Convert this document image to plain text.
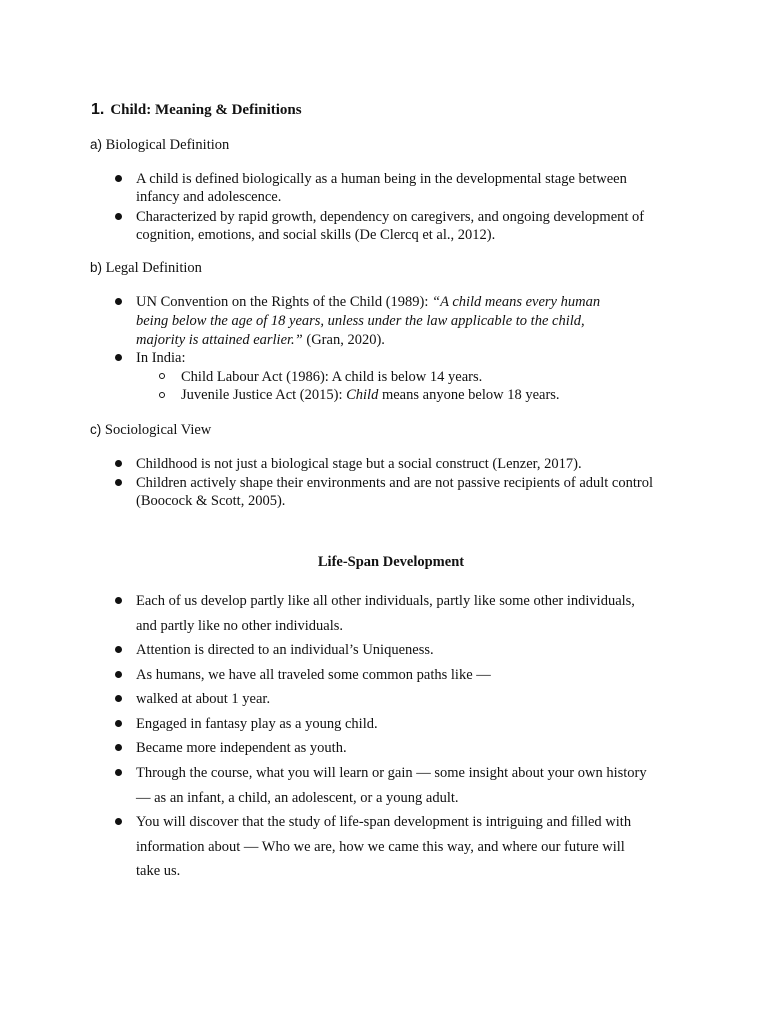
1. Child: Meaning & Definitions
a) Biological Definition
A child is defined biologically as a human being in the developmental stage between
infancy and adolescence.
Characterized by rapid growth, dependency on caregivers, and ongoing development of
cognition, emotions, and social skills (De Clercq et al., 2012).
b) Legal Definition
UN Convention on the Rights of the Child (1989): “A child means every human
being below the age of 18 years, unless under the law applicable to the child,
majority is attained earlier.” (Gran, 2020).
In India:
Child Labour Act (1986): A child is below 14 years.
Juvenile Justice Act (2015): Child means anyone below 18 years.
c) Sociological View
Childhood is not just a biological stage but a social construct (Lenzer, 2017).
Children actively shape their environments and are not passive recipients of adult control
(Boocock & Scott, 2005).
Life-Span Development
Each of us develop partly like all other individuals, partly like some other individuals,
and partly like no other individuals.
Attention is directed to an individual’s Uniqueness.
As humans, we have all traveled some common paths like —
walked at about 1 year.
Engaged in fantasy play as a young child.
Became more independent as youth.
Through the course, what you will learn or gain — some insight about your own history
— as an infant, a child, an adolescent, or a young adult.
You will discover that the study of life-span development is intriguing and filled with
information about — Who we are, how we came this way, and where our future will
take us.
